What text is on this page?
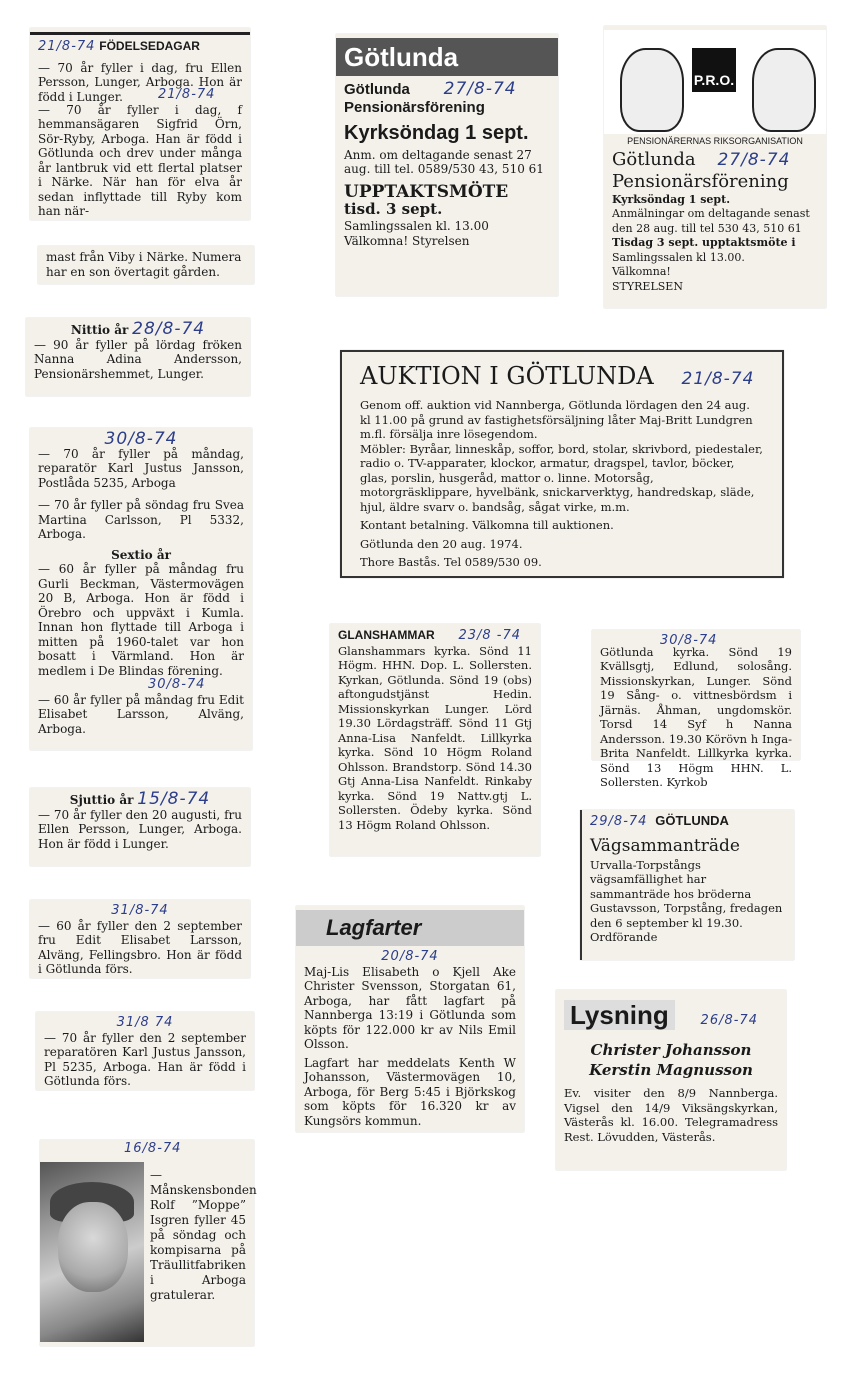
21/8-74 FÖDELSEDAGAR

— 70 år fyller i dag, fru Ellen Persson, Lunger, Arboga. Hon är född i Lunger.	21/8-74

— 70 år fyller i dag, f hemmansägaren Sigfrid Örn, Sör-Ryby, Arboga. Han är född i Götlunda och drev under många år lantbruk vid ett flertal platser i Närke. När han för elva år sedan inflyttade till Ryby kom han när-

mast från Viby i Närke. Numera har en son övertagit gården.

Nittio år 28/8-74

— 90 år fyller på lördag fröken Nanna Adina Andersson, Pensionärshemmet, Lunger.

30/8-74

— 70 år fyller på måndag, reparatör Karl Justus Jansson, Postlåda 5235, Arboga

— 70 år fyller på söndag fru Svea Martina Carlsson, Pl 5332, Arboga.

Sextio år

— 60 år fyller på måndag fru Gurli Beckman, Västermovägen 20 B, Arboga. Hon är född i Örebro och uppväxt i Kumla. Innan hon flyttade till Arboga i mitten på 1960-talet var hon bosatt i Värmland. Hon är medlem i De Blindas förening.

30/8-74

— 60 år fyller på måndag fru Edit Elisabet Larsson, Alväng, Arboga.

Sjuttio år 15/8-74

— 70 år fyller den 20 augusti, fru Ellen Persson, Lunger, Arboga. Hon är född i Lunger.

31/8-74

— 60 år fyller den 2 september fru Edit Elisabet Larsson, Alväng, Fellingsbro. Hon är född i Götlunda förs.

31/8 74

— 70 år fyller den 2 september reparatören Karl Justus Jansson, Pl 5235, Arboga. Han är född i Götlunda förs.

16/8-74

— Månskensbonden Rolf ”Moppe” Isgren fyller 45 på söndag och kompisarna på Träullitfabriken i Arboga gratulerar.

Götlunda

Götlunda 27/8-74

Pensionärsförening

Kyrksöndag 1 sept.

Anm. om deltagande senast 27 aug. till tel. 0589/530 43, 510 61

UPPTAKTSMÖTE

tisd. 3 sept.

Samlingssalen kl. 13.00

Välkomna! Styrelsen

AUKTION I GÖTLUNDA 21/8-74

Genom off. auktion vid Nannberga, Götlunda lördagen den 24 aug. kl 11.00 på grund av fastighetsförsäljning låter Maj-Britt Lundgren m.fl. försälja inre lösegendom.

Möbler: Byråar, linneskåp, soffor, bord, stolar, skrivbord, piedestaler, radio o. TV-apparater, klockor, armatur, dragspel, tavlor, böcker, glas, porslin, husgeråd, mattor o. linne. Motorsåg, motorgräsklippare, hyvelbänk, snickarverktyg, handredskap, släde, hjul, äldre svarv o. bandsåg, sågat virke, m.m.

Kontant betalning. Välkomna till auktionen.

Götlunda den 20 aug. 1974.

Thore Bastås. Tel 0589/530 09.

GLANSHAMMAR 23/8 -74

Glanshammars kyrka. Sönd 11 Högm. HHN. Dop. L. Sollersten. Kyrkan, Götlunda. Sönd 19 (obs) aftongudstjänst Hedin. Missionskyrkan Lunger. Lörd 19.30 Lördagsträff. Sönd 11 Gtj Anna-Lisa Nanfeldt. Lillkyrka kyrka. Sönd 10 Högm Roland Ohlsson. Brandstorp. Sönd 14.30 Gtj Anna-Lisa Nanfeldt. Rinkaby kyrka. Sönd 19 Nattv.gtj L. Sollersten. Ödeby kyrka. Sönd 13 Högm Roland Ohlsson.

Lagfarter

20/8-74

Maj-Lis Elisabeth o Kjell Ake Christer Svensson, Storgatan 61, Arboga, har fått lagfart på Nannberga 13:19 i Götlunda som köpts för 122.000 kr av Nils Emil Olsson.

Lagfart har meddelats Kenth W Johansson, Västermovägen 10, Arboga, för Berg 5:45 i Björkskog som köpts för 16.320 kr av Kungsörs kommun.

P.R.O.

PENSIONÄRERNAS RIKSORGANISATION

Götlunda 27/8-74

Pensionärsförening

Kyrksöndag 1 sept.

Anmälningar om deltagande senast den 28 aug. till tel 530 43, 510 61

Tisdag 3 sept. upptaktsmöte i

Samlingssalen kl 13.00.

Välkomna!

STYRELSEN

30/8-74

Götlunda kyrka. Sönd 19 Kvällsgtj, Edlund, solosång. Missionskyrkan, Lunger. Sönd 19 Sång- o. vittnesbördsm i Järnäs. Åhman, ungdomskör. Torsd 14 Syf h Nanna Andersson. 19.30 Körövn h Inga-Brita Nanfeldt. Lillkyrka kyrka. Sönd 13 Högm HHN. L. Sollersten. Kyrkob

29/8-74 GÖTLUNDA

Vägsammanträde

Urvalla-Torpstångs vägsamfällighet har sammanträde hos bröderna Gustavsson, Torpstång, fredagen den 6 september kl 19.30.

Ordförande

Lysning 26/8-74

Christer Johansson

Kerstin Magnusson

Ev. visiter den 8/9 Nannberga. Vigsel den 14/9 Viksängskyrkan, Västerås kl. 16.00. Telegramadress Rest. Lövudden, Västerås.
